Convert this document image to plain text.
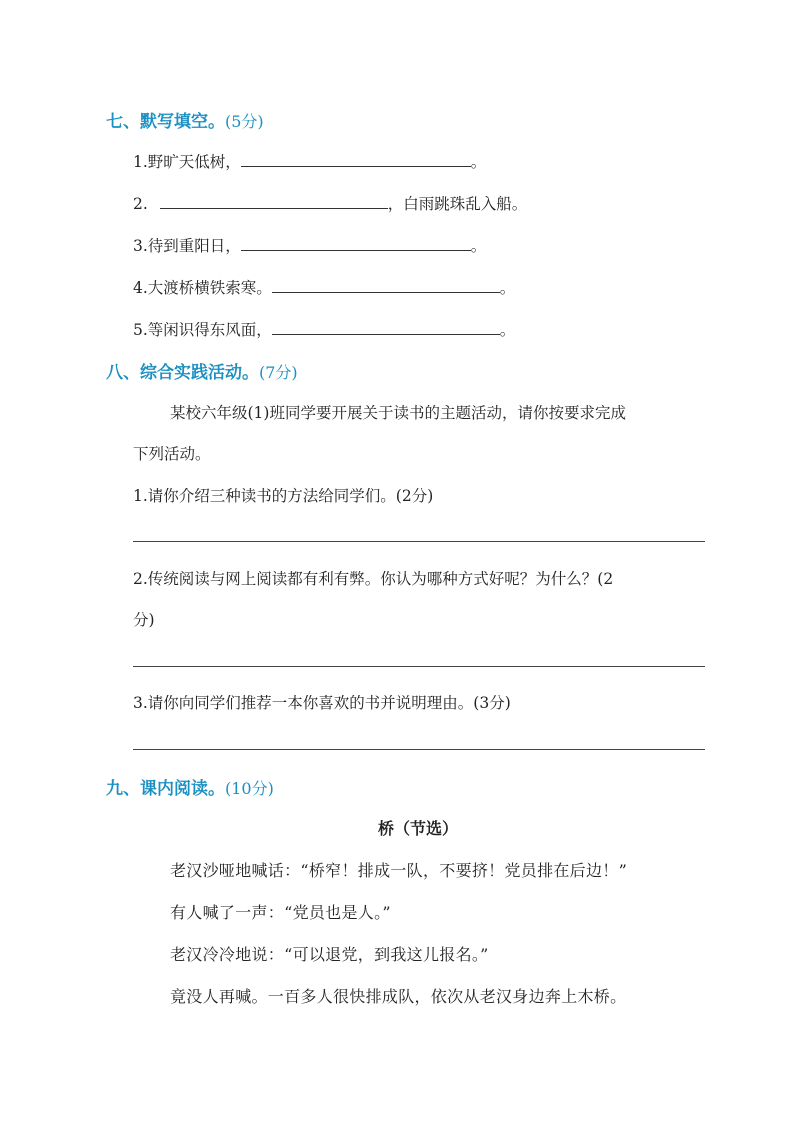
七、默写填空。(5分)
1.野旷天低树，	。
2.	，白雨跳珠乱入船。
3.待到重阳日，	。
4.大渡桥横铁索寒。	。
5.等闲识得东风面，	。
八、综合实践活动。(7分)
某校六年级(1)班同学要开展关于读书的主题活动，请你按要求完成
下列活动。
1.请你介绍三种读书的方法给同学们。(2分)
2.传统阅读与网上阅读都有利有弊。你认为哪种方式好呢？为什么？(2
分)
3.请你向同学们推荐一本你喜欢的书并说明理由。(3分)
九、课内阅读。(10分)
桥（节选）
老汉沙哑地喊话：“桥窄！排成一队，不要挤！党员排在后边！”
有人喊了一声：“党员也是人。”
老汉冷冷地说：“可以退党，到我这儿报名。”
竟没人再喊。一百多人很快排成队，依次从老汉身边奔上木桥。
